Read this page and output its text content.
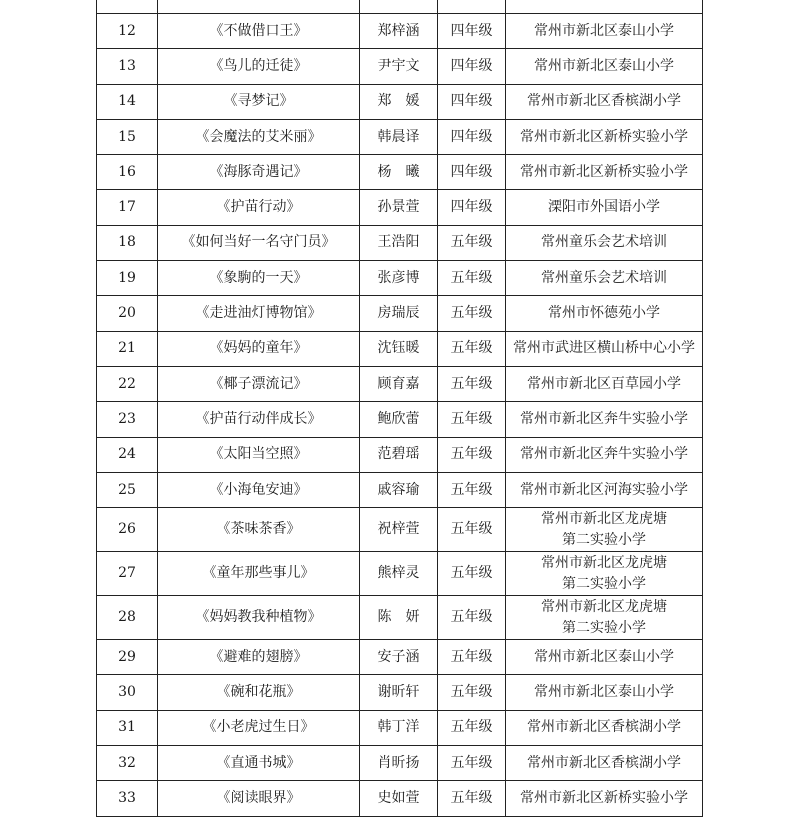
12	《不做借口王》	郑梓涵	四年级	常州市新北区泰山小学

13	《鸟儿的迁徒》	尹宇文	四年级	常州市新北区泰山小学

14	《寻梦记》	郑　媛	四年级	常州市新北区香槟湖小学

15	《会魔法的艾米丽》	韩晨译	四年级	常州市新北区新桥实验小学

16	《海豚奇遇记》	杨　曦	四年级	常州市新北区新桥实验小学

17	《护苗行动》	孙景萱	四年级	溧阳市外国语小学

18	《如何当好一名守门员》	王浩阳	五年级	常州童乐会艺术培训

19	《象駒的一天》	张彦博	五年级	常州童乐会艺术培训

20	《走进油灯博物馆》	房瑞辰	五年级	常州市怀德苑小学

21	《妈妈的童年》	沈钰暖	五年级	常州市武进区横山桥中心小学

22	《椰子漂流记》	顾育嘉	五年级	常州市新北区百草园小学

23	《护苗行动伴成长》	鲍欣蕾	五年级	常州市新北区奔牛实验小学

24	《太阳当空照》	范碧瑶	五年级	常州市新北区奔牛实验小学

25	《小海龟安迪》	戚容瑜	五年级	常州市新北区河海实验小学

26	《茶味茶香》	祝梓萱	五年级	常州市新北区龙虎塘
第二实验小学

27	《童年那些事儿》	熊梓灵	五年级	常州市新北区龙虎塘
第二实验小学

28	《妈妈教我种植物》	陈　妍	五年级	常州市新北区龙虎塘
第二实验小学

29	《避难的翅膀》	安子涵	五年级	常州市新北区泰山小学

30	《碗和花瓶》	谢昕轩	五年级	常州市新北区泰山小学

31	《小老虎过生日》	韩丁洋	五年级	常州市新北区香槟湖小学

32	《直通书城》	肖昕扬	五年级	常州市新北区香槟湖小学

33	《阅读眼界》	史如萱	五年级	常州市新北区新桥实验小学
